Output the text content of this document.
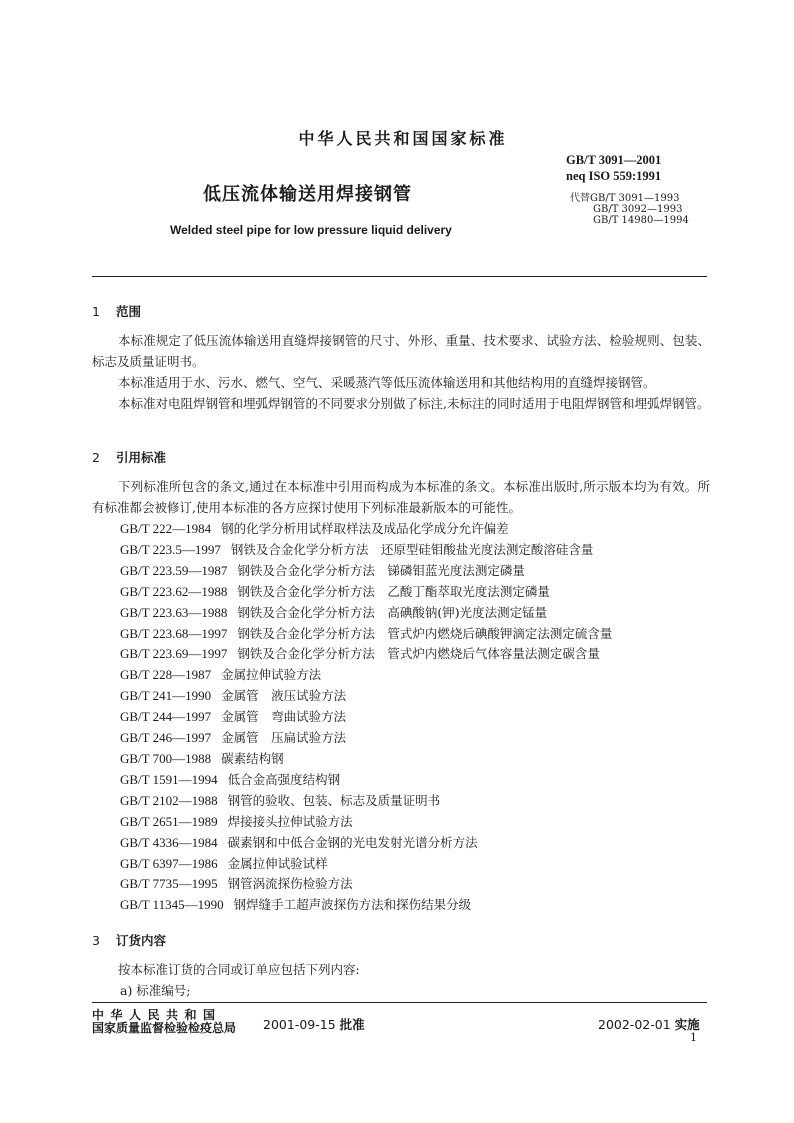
中华人民共和国国家标准
GB/T 3091—2001
neq ISO 559:1991
低压流体输送用焊接钢管	代替GB/T 3091—1993
GB/T 3092—1993
GB/T 14980—1994
Welded steel pipe for low pressure liquid delivery
1 范围
本标准规定了低压流体输送用直缝焊接钢管的尺寸、外形、重量、技术要求、试验方法、检验规则、包装、标志及质量证明书。
本标准适用于水、污水、燃气、空气、采暖蒸汽等低压流体输送用和其他结构用的直缝焊接钢管。
本标准对电阻焊钢管和埋弧焊钢管的不同要求分别做了标注,未标注的同时适用于电阻焊钢管和埋弧焊钢管。
2 引用标准
下列标准所包含的条文,通过在本标准中引用而构成为本标准的条文。本标准出版时,所示版本均为有效。所有标准都会被修订,使用本标准的各方应探讨使用下列标准最新版本的可能性。
GB/T 222—1984 钢的化学分析用试样取样法及成品化学成分允许偏差
GB/T 223.5—1997 钢铁及合金化学分析方法　还原型硅钼酸盐光度法测定酸溶硅含量
GB/T 223.59—1987 钢铁及合金化学分析方法　锑磷钼蓝光度法测定磷量
GB/T 223.62—1988 钢铁及合金化学分析方法　乙酸丁酯萃取光度法测定磷量
GB/T 223.63—1988 钢铁及合金化学分析方法　高碘酸钠(钾)光度法测定锰量
GB/T 223.68—1997 钢铁及合金化学分析方法　管式炉内燃烧后碘酸钾滴定法测定硫含量
GB/T 223.69—1997 钢铁及合金化学分析方法　管式炉内燃烧后气体容量法测定碳含量
GB/T 228—1987 金属拉伸试验方法
GB/T 241—1990 金属管　液压试验方法
GB/T 244—1997 金属管　弯曲试验方法
GB/T 246—1997 金属管　压扁试验方法
GB/T 700—1988 碳素结构钢
GB/T 1591—1994 低合金高强度结构钢
GB/T 2102—1988 钢管的验收、包装、标志及质量证明书
GB/T 2651—1989 焊接接头拉伸试验方法
GB/T 4336—1984 碳素钢和中低合金钢的光电发射光谱分析方法
GB/T 6397—1986 金属拉伸试验试样
GB/T 7735—1995 钢管涡流探伤检验方法
GB/T 11345—1990 钢焊缝手工超声波探伤方法和探伤结果分级
3 订货内容
按本标准订货的合同或订单应包括下列内容:
a) 标准编号;
中华人民共和国
国家质量监督检验检疫总局 2001-09-15 批准	2002-02-01 实施
1
